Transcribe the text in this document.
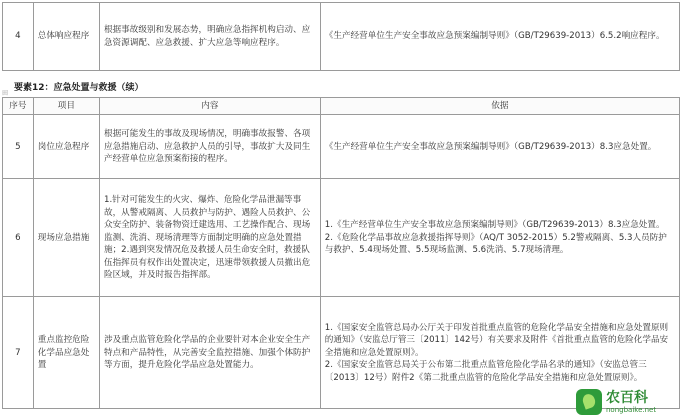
4	总体响应程序	根据事故级别和发展态势，明确应急指挥机构启动、应急资源调配、应急救援、扩大应急等响应程序。	《生产经营单位生产安全事故应急预案编制导则》（GB/T29639-2013）6.5.2响应程序。
要素12：应急处置与救援（续）
田
序号	项目	内容	依据
5	岗位应急程序	根据可能发生的事故及现场情况，明确事故报警、各项应急措施启动、应急救护人员的引导，事故扩大及同生产经营单位应急预案衔接的程序。	《生产经营单位生产安全事故应急预案编制导则》（GB/T29639-2013）8.3应急处置。

6	现场应急措施	1.针对可能发生的火灾、爆炸、危险化学品泄漏等事故，从警戒隔离、人员救护与防护、遇险人员救护、公众安全防护、装备物资迁建选用、工艺操作配合、现场监测、洗消、现场清理等方面制定明确的应急处置措施；2.遇到突发情况危及救援人员生命安全时，救援队伍指挥员有权作出处置决定，迅速带领救援人员撤出危险区域，并及时报告指挥部。	1.《生产经营单位生产安全事故应急预案编制导则》（GB/T29639-2013）8.3应急处置。
2.《危险化学品事故应急救援指挥导则》（AQ/T 3052-2015）5.2警戒隔离、5.3人员防护与救护、5.4现场处置、5.5现场监测、5.6洗消、5.7现场清理。

7	重点监控危险化学品应急处置	涉及重点监管危险化学品的企业要针对本企业安全生产特点和产品特性，从完善安全监控措施、加强个体防护等方面，提升危险化学品应急处置能力。	1.《国家安全监管总局办公厅关于印发首批重点监管的危险化学品安全措施和应急处置原则的通知》（安监总厅管三〔2011〕142号）有关要求及附件《首批重点监管的危险化学品安全措施和应急处置原则》。
2.《国家安全监管总局关于公布第二批重点监管危险化学品名录的通知》（安监总管三〔2013〕12号）附件2《第二批重点监管的危险化学品安全措施和应急处置原则》。
农百科
nongbaike.net
